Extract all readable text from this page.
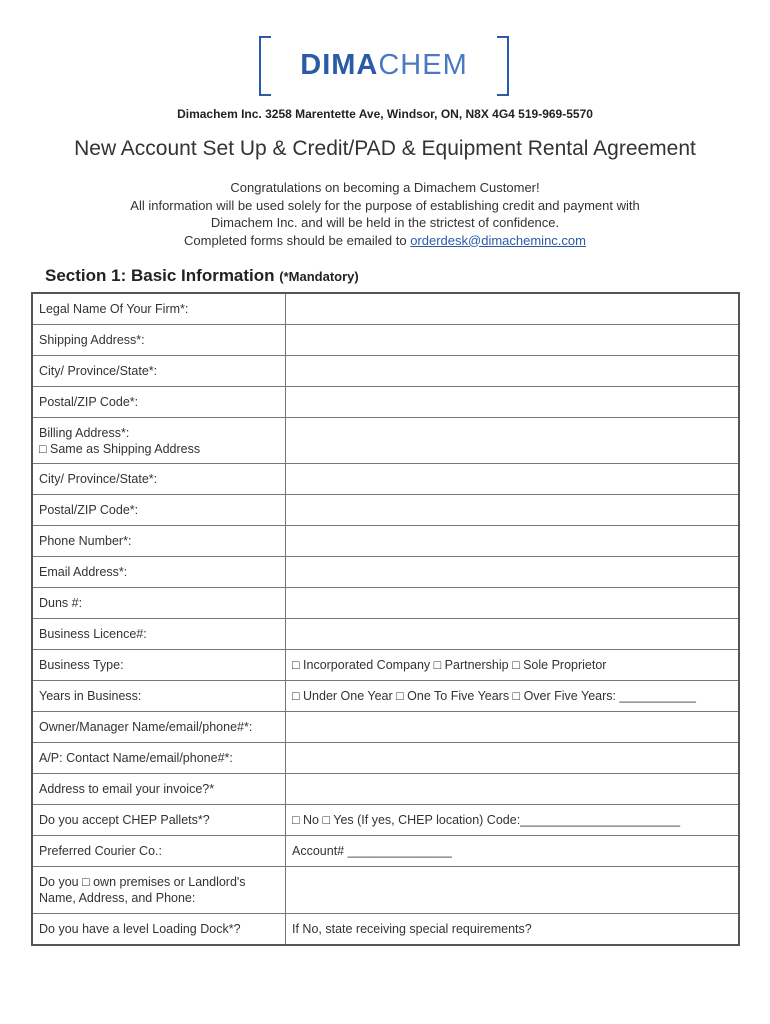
DIMACHEM
Dimachem Inc. 3258 Marentette Ave, Windsor, ON, N8X 4G4 519-969-5570
New Account Set Up & Credit/PAD & Equipment Rental Agreement
Congratulations on becoming a Dimachem Customer!
All information will be used solely for the purpose of establishing credit and payment with
Dimachem Inc. and will be held in the strictest of confidence.
Completed forms should be emailed to orderdesk@dimacheminc.com
Section 1: Basic Information (*Mandatory)
Legal Name Of Your Firm*:	
Shipping Address*:	
City/ Province/State*:	
Postal/ZIP Code*:	

Billing Address*:
□ Same as Shipping Address	

City/ Province/State*:	
Postal/ZIP Code*:	
Phone Number*:	
Email Address*:	
Duns #:	
Business Licence#:	
Business Type:	□ Incorporated Company □ Partnership □ Sole Proprietor
Years in Business:	□ Under One Year □ One To Five Years □ Over Five Years: ___________
Owner/Manager Name/email/phone#*:	
A/P: Contact Name/email/phone#*:	
Address to email your invoice?*	
Do you accept CHEP Pallets*?	□ No □ Yes (If yes, CHEP location) Code:_______________________
Preferred Courier Co.:	Account# _______________

Do you □ own premises or Landlord's
Name, Address, and Phone:	

Do you have a level Loading Dock*?	If No, state receiving special requirements?
